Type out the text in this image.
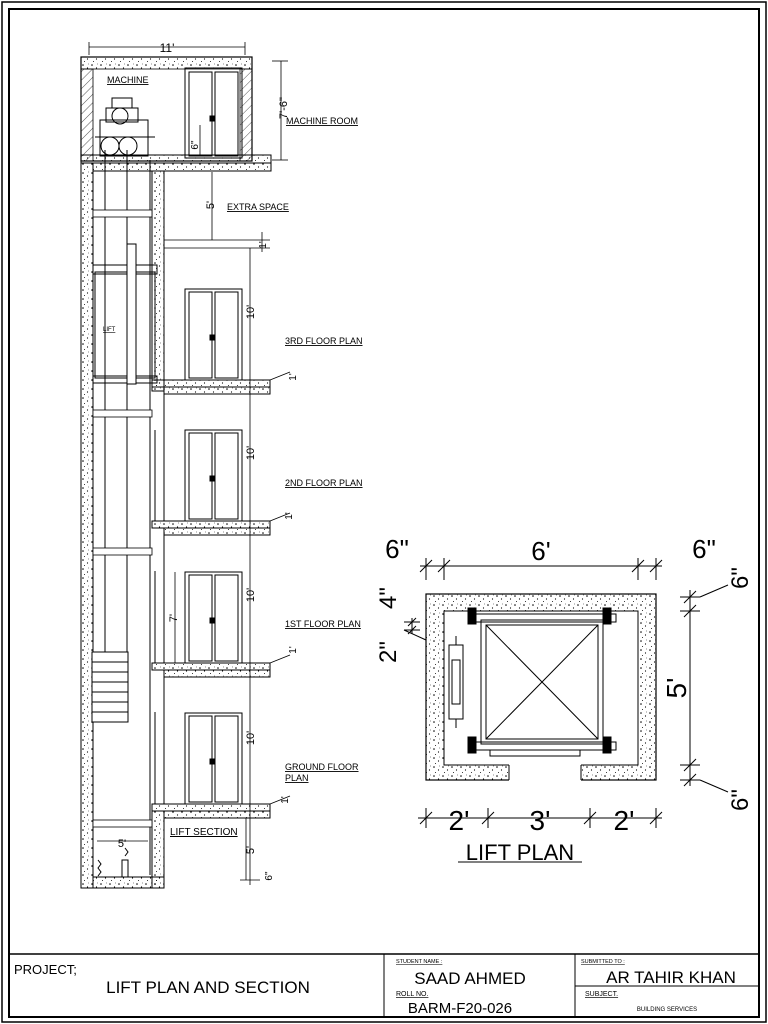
11'
7'-6"
6"
5'
1'
10'
10'
10'
10'
1'
1'
1'
1'
7'
5'	5'
6"
MACHINE
MACHINE ROOM
EXTRA SPACE
3RD FLOOR PLAN
2ND FLOOR PLAN
1ST FLOOR PLAN
GROUND FLOOR
PLAN
LIFT SECTION
LIFT
6"	6'	6"
4"
2"
6"
5'
6"
2' 3' 2'
LIFT PLAN
PROJECT;
LIFT PLAN AND SECTION
STUDENT NAME :
SAAD AHMED
ROLL NO.
BARM-F20-026
SUBMITTED TO :
AR TAHIR KHAN
SUBJECT.
BUILDING SERVICES
